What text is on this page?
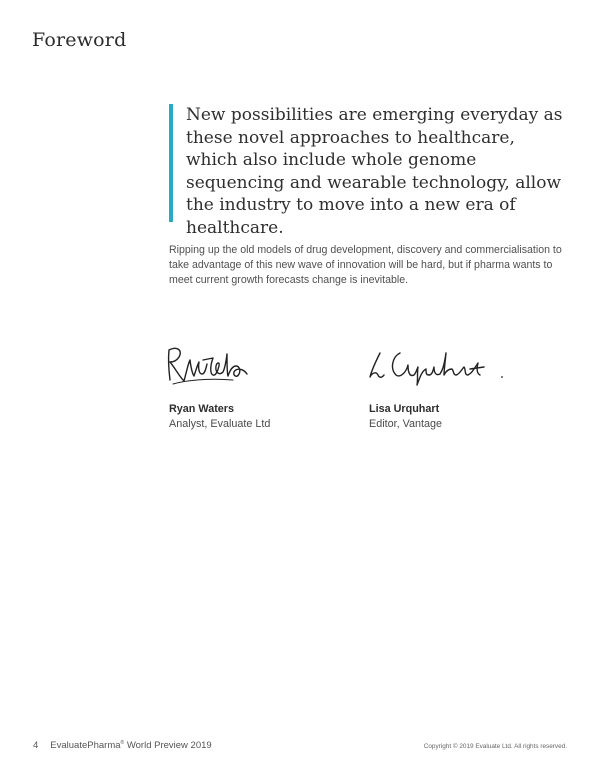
Foreword

New possibilities are emerging everyday as these novel approaches to healthcare, which also include whole genome sequencing and wearable technology, allow the industry to move into a new era of healthcare.

Ripping up the old models of drug development, discovery and commercialisation to take advantage of this new wave of innovation will be hard, but if pharma wants to meet current growth forecasts change is inevitable.

Ryan Waters
Analyst, Evaluate Ltd
Lisa Urquhart
Editor, Vantage
4 EvaluatePharma® World Preview 2019	Copyright © 2019 Evaluate Ltd. All rights reserved.
